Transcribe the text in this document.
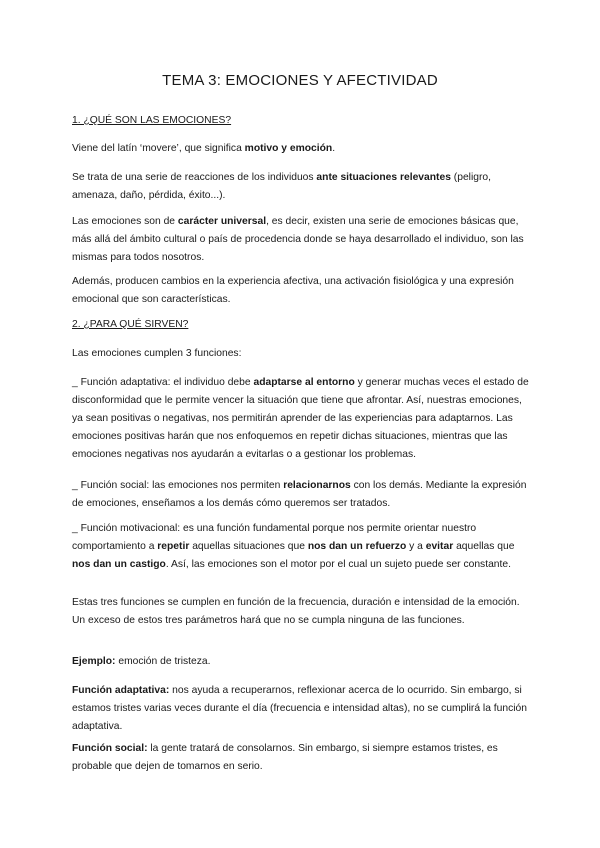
TEMA 3: EMOCIONES Y AFECTIVIDAD

1. ¿QUÉ SON LAS EMOCIONES?

Viene del latín ‘movere’, que significa motivo y emoción.

Se trata de una serie de reacciones de los individuos ante situaciones relevantes (peligro, amenaza, daño, pérdida, éxito...).

Las emociones son de carácter universal, es decir, existen una serie de emociones básicas que, más allá del ámbito cultural o país de procedencia donde se haya desarrollado el individuo, son las mismas para todos nosotros.

Además, producen cambios en la experiencia afectiva, una activación fisiológica y una expresión emocional que son características.

2. ¿PARA QUÉ SIRVEN?

Las emociones cumplen 3 funciones:

_ Función adaptativa: el individuo debe adaptarse al entorno y generar muchas veces el estado de disconformidad que le permite vencer la situación que tiene que afrontar. Así, nuestras emociones, ya sean positivas o negativas, nos permitirán aprender de las experiencias para adaptarnos. Las emociones positivas harán que nos enfoquemos en repetir dichas situaciones, mientras que las emociones negativas nos ayudarán a evitarlas o a gestionar los problemas.

_ Función social: las emociones nos permiten relacionarnos con los demás. Mediante la expresión de emociones, enseñamos a los demás cómo queremos ser tratados.

_ Función motivacional: es una función fundamental porque nos permite orientar nuestro comportamiento a repetir aquellas situaciones que nos dan un refuerzo y a evitar aquellas que nos dan un castigo. Así, las emociones son el motor por el cual un sujeto puede ser constante.

Estas tres funciones se cumplen en función de la frecuencia, duración e intensidad de la emoción. Un exceso de estos tres parámetros hará que no se cumpla ninguna de las funciones.

Ejemplo: emoción de tristeza.

Función adaptativa: nos ayuda a recuperarnos, reflexionar acerca de lo ocurrido. Sin embargo, si estamos tristes varias veces durante el día (frecuencia e intensidad altas), no se cumplirá la función adaptativa.

Función social: la gente tratará de consolarnos. Sin embargo, si siempre estamos tristes, es probable que dejen de tomarnos en serio.
